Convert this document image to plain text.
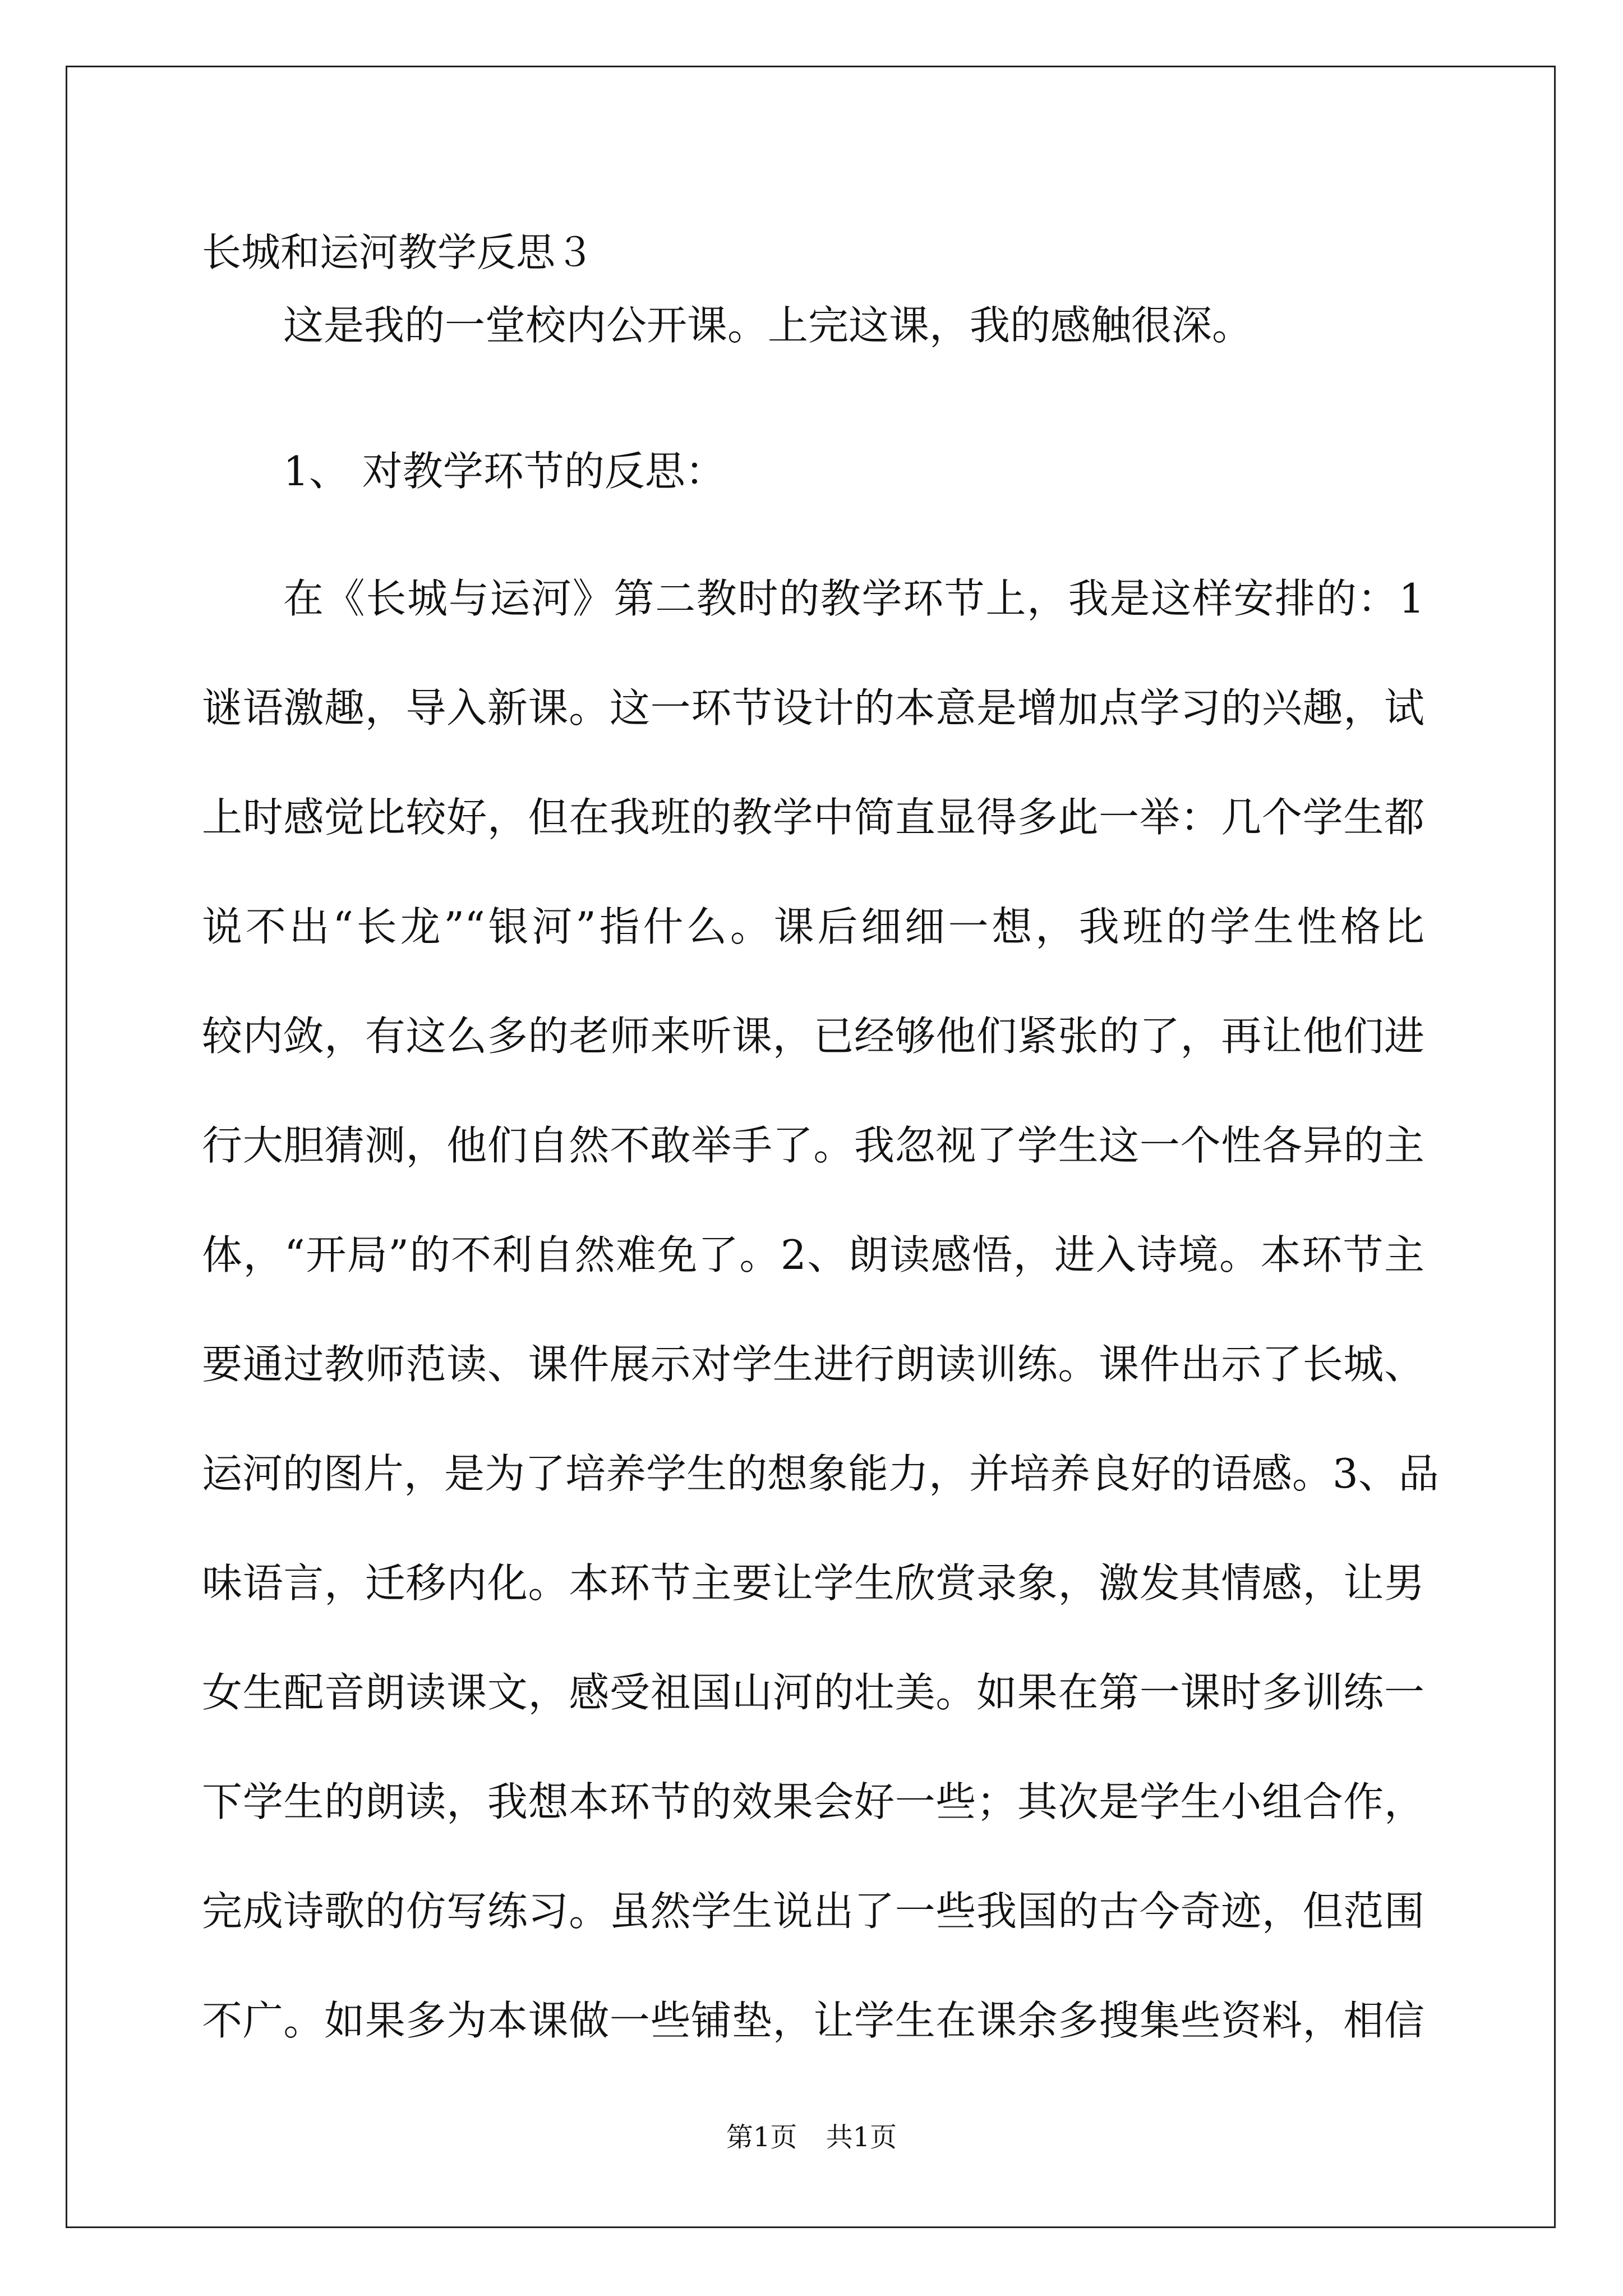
长城和运河教学反思３

这是我的一堂校内公开课。上完这课，我的感触很深。

1、 对教学环节的反思：

在《长城与运河》第二教时的教学环节上，我是这样安排的：1
谜语激趣，导入新课。这一环节设计的本意是增加点学习的兴趣，试
上时感觉比较好，但在我班的教学中简直显得多此一举：几个学生都
说不出“长龙”“银河”指什么。课后细细一想，我班的学生性格比
较内敛，有这么多的老师来听课，已经够他们紧张的了，再让他们进
行大胆猜测，他们自然不敢举手了。我忽视了学生这一个性各异的主
体，“开局”的不利自然难免了。2、朗读感悟，进入诗境。本环节主
要通过教师范读、课件展示对学生进行朗读训练。课件出示了长城、
运河的图片，是为了培养学生的想象能力，并培养良好的语感。3、品
味语言，迁移内化。本环节主要让学生欣赏录象，激发其情感，让男
女生配音朗读课文，感受祖国山河的壮美。如果在第一课时多训练一
下学生的朗读，我想本环节的效果会好一些；其次是学生小组合作，
完成诗歌的仿写练习。虽然学生说出了一些我国的古今奇迹，但范围
不广。如果多为本课做一些铺垫，让学生在课余多搜集些资料，相信
第1页 共1页
